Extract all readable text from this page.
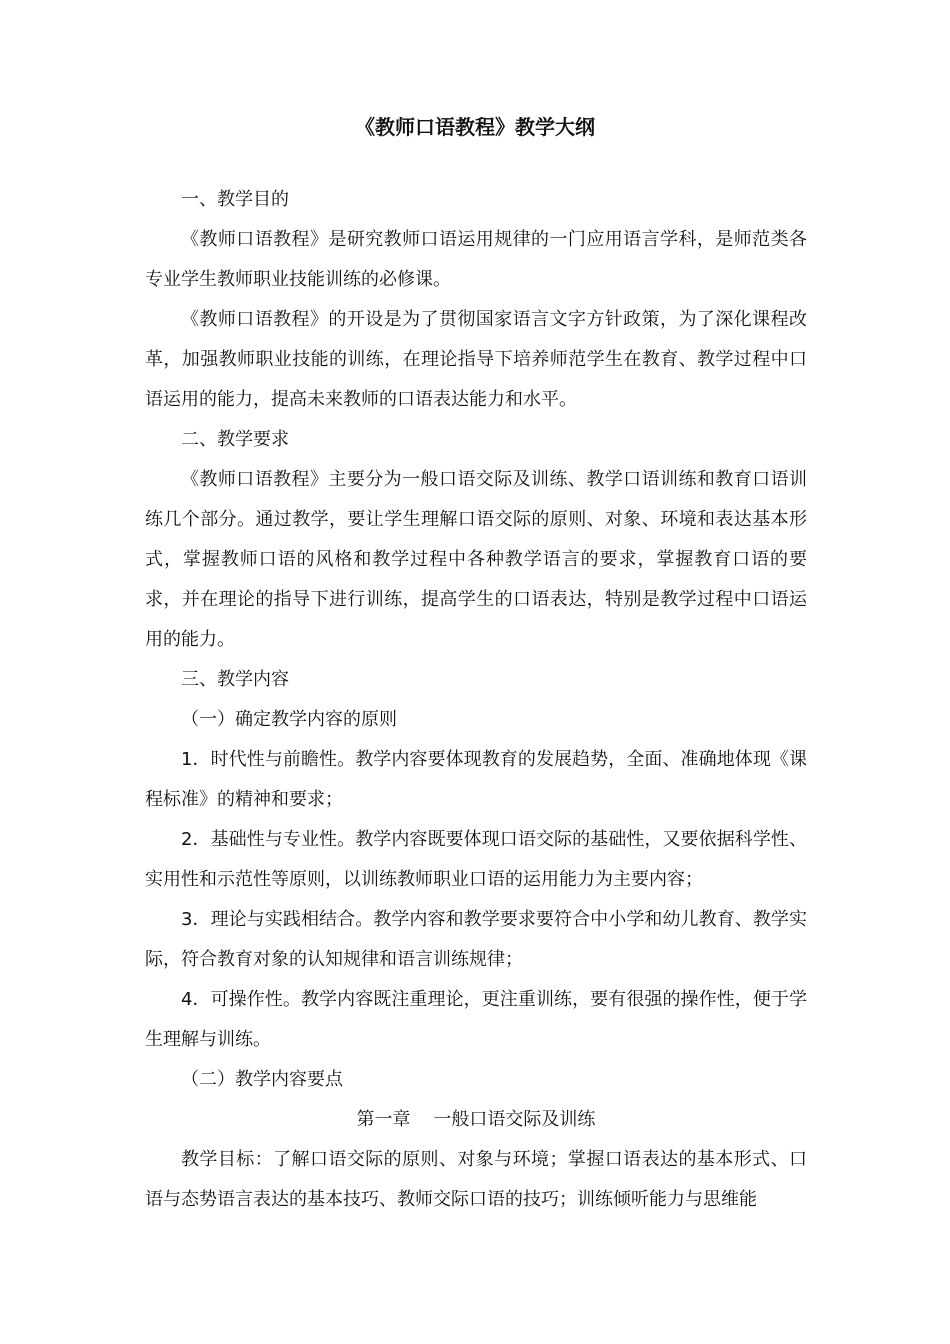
《教师口语教程》教学大纲

一、教学目的

《教师口语教程》是研究教师口语运用规律的一门应用语言学科，是师范类各专业学生教师职业技能训练的必修课。

《教师口语教程》的开设是为了贯彻国家语言文字方针政策，为了深化课程改革，加强教师职业技能的训练，在理论指导下培养师范学生在教育、教学过程中口语运用的能力，提高未来教师的口语表达能力和水平。

二、教学要求

《教师口语教程》主要分为一般口语交际及训练、教学口语训练和教育口语训练几个部分。通过教学，要让学生理解口语交际的原则、对象、环境和表达基本形式，掌握教师口语的风格和教学过程中各种教学语言的要求，掌握教育口语的要求，并在理论的指导下进行训练，提高学生的口语表达，特别是教学过程中口语运用的能力。

三、教学内容

（一）确定教学内容的原则

1．时代性与前瞻性。教学内容要体现教育的发展趋势，全面、准确地体现《课程标准》的精神和要求；

2．基础性与专业性。教学内容既要体现口语交际的基础性，又要依据科学性、实用性和示范性等原则，以训练教师职业口语的运用能力为主要内容；

3．理论与实践相结合。教学内容和教学要求要符合中小学和幼儿教育、教学实际，符合教育对象的认知规律和语言训练规律；

4．可操作性。教学内容既注重理论，更注重训练，要有很强的操作性，便于学生理解与训练。

（二）教学内容要点

第一章    一般口语交际及训练

教学目标：了解口语交际的原则、对象与环境；掌握口语表达的基本形式、口语与态势语言表达的基本技巧、教师交际口语的技巧；训练倾听能力与思维能
